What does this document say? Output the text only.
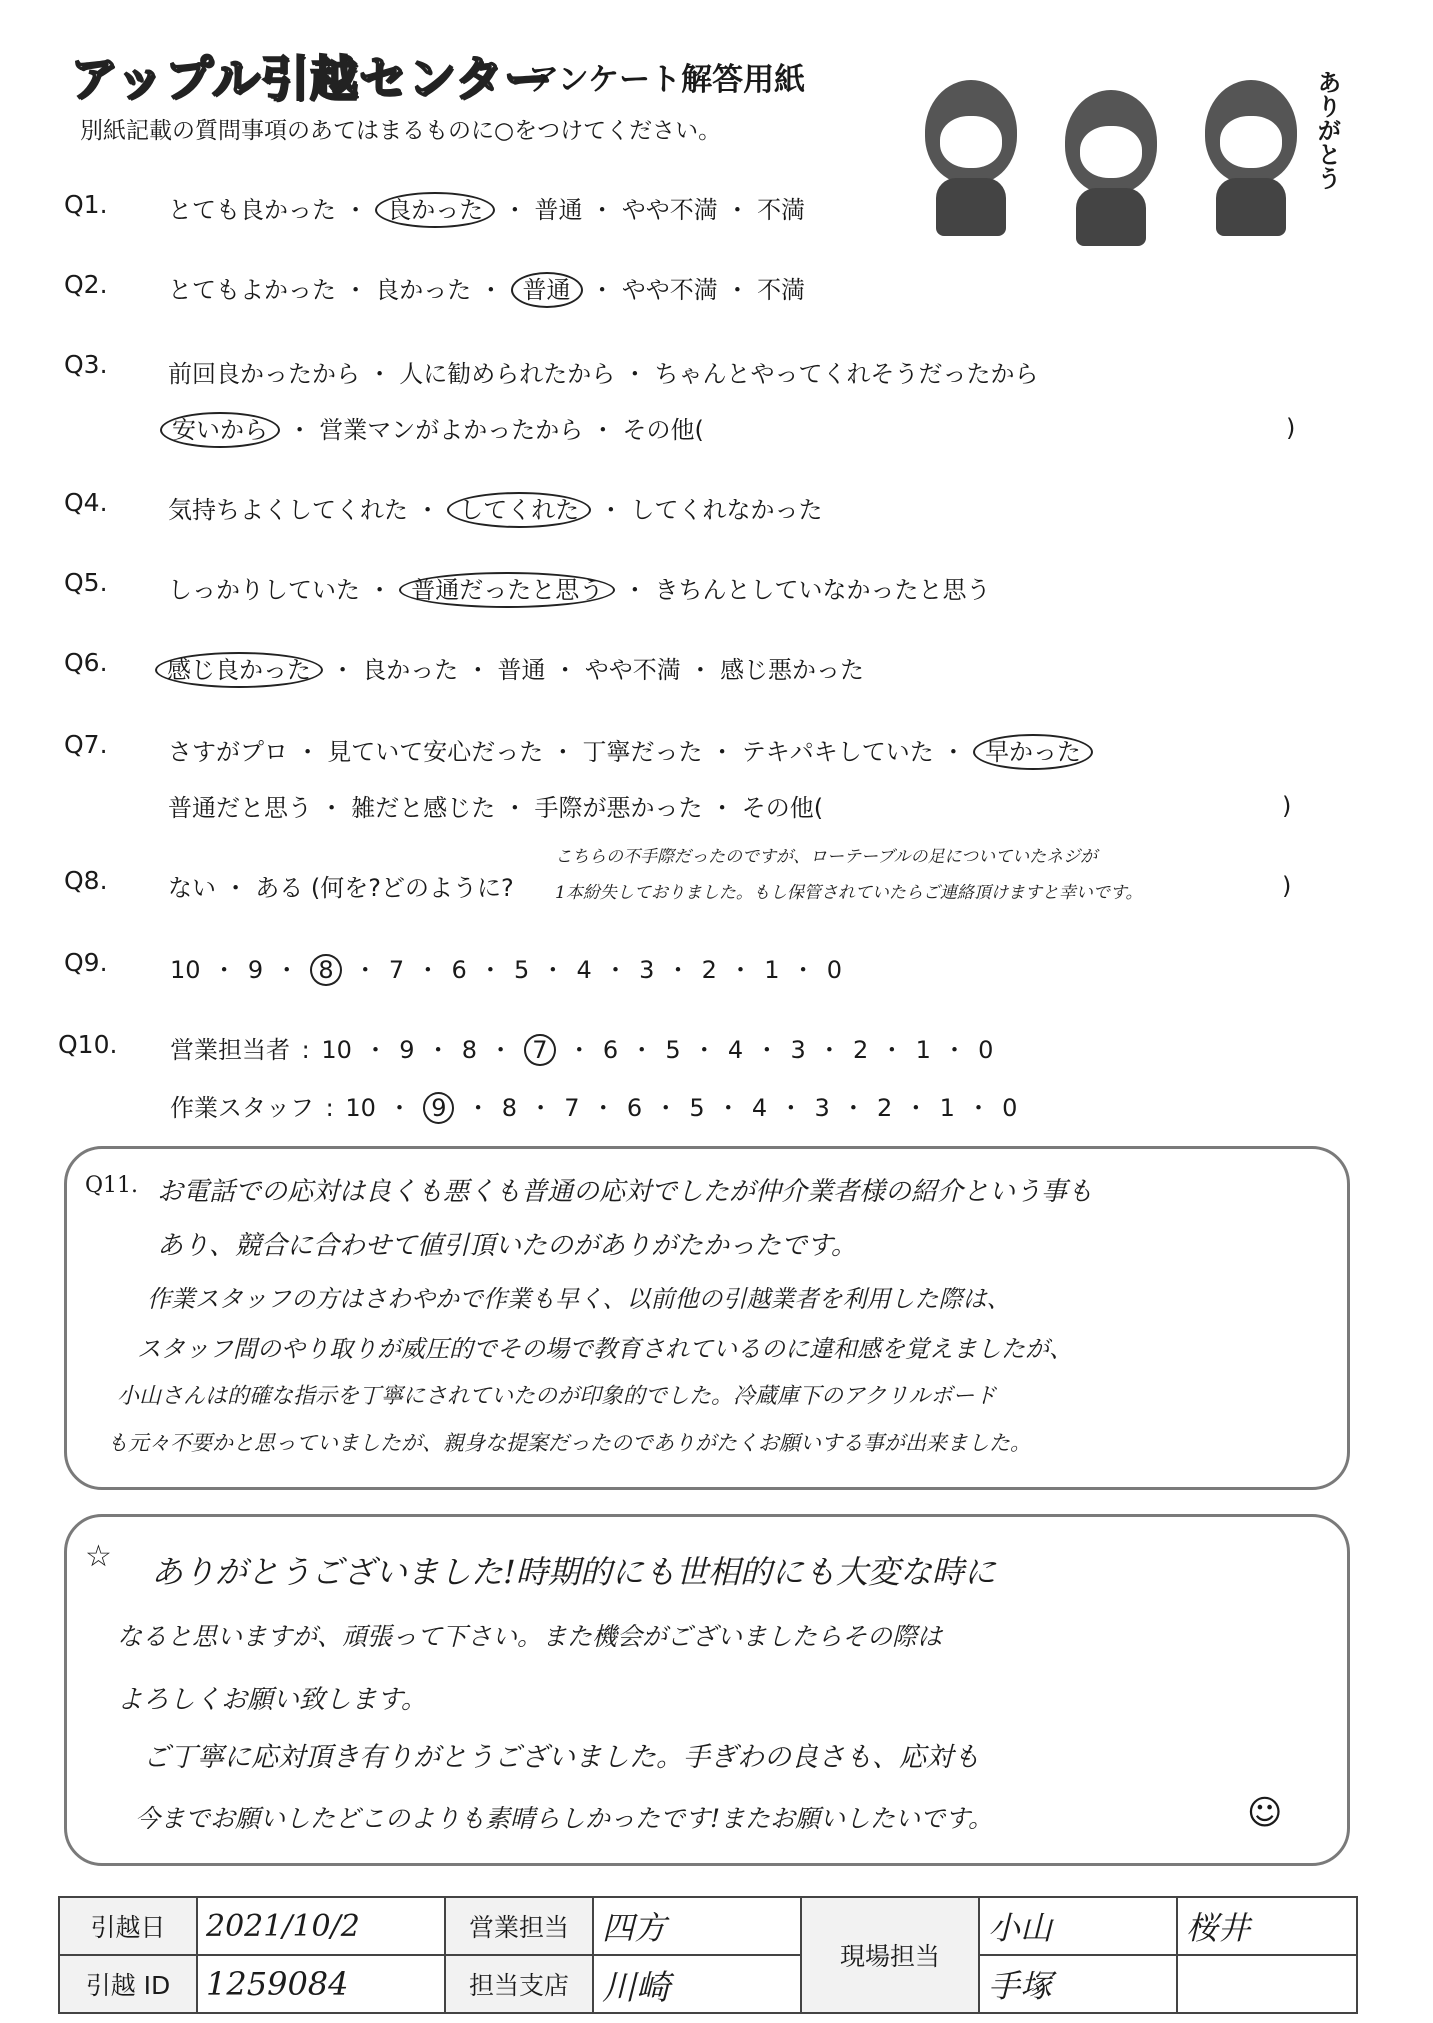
アップル引越センター
アンケート解答用紙
別紙記載の質問事項のあてはまるものに○をつけてください。	ありがとう
Q1.	とても良かった ・ 良かった ・ 普通 ・ やや不満 ・ 不満
Q2.	とてもよかった ・ 良かった ・ 普通 ・ やや不満 ・ 不満
Q3.	前回良かったから ・ 人に勧められたから ・ ちゃんとやってくれそうだったから
安いから ・ 営業マンがよかったから ・ その他(	)
Q4.	気持ちよくしてくれた ・ してくれた ・ してくれなかった
Q5.	しっかりしていた ・ 普通だったと思う ・ きちんとしていなかったと思う
Q6.	感じ良かった ・ 良かった ・ 普通 ・ やや不満 ・ 感じ悪かった
Q7.	さすがプロ ・ 見ていて安心だった ・ 丁寧だった ・ テキパキしていた ・ 早かった
普通だと思う ・ 雑だと感じた ・ 手際が悪かった ・ その他(	)
Q8.	ない ・ ある (何を?どのように?	)
こちらの不手際だったのですが、ローテーブルの足についていたネジが
1本紛失しておりました。もし保管されていたらご連絡頂けますと幸いです。
Q9.	10 ・ 9 ・ 8 ・ 7 ・ 6 ・ 5 ・ 4 ・ 3 ・ 2 ・ 1 ・ 0
Q10. 営業担当者 : 10 ・ 9 ・ 8 ・ 7 ・ 6 ・ 5 ・ 4 ・ 3 ・ 2 ・ 1 ・ 0
作業スタッフ : 10 ・ 9 ・ 8 ・ 7 ・ 6 ・ 5 ・ 4 ・ 3 ・ 2 ・ 1 ・ 0
Q11. お電話での応対は良くも悪くも普通の応対でしたが仲介業者様の紹介という事も
あり、競合に合わせて値引頂いたのがありがたかったです。
作業スタッフの方はさわやかで作業も早く、以前他の引越業者を利用した際は、
スタッフ間のやり取りが威圧的でその場で教育されているのに違和感を覚えましたが、
小山さんは的確な指示を丁寧にされていたのが印象的でした。冷蔵庫下のアクリルボード
も元々不要かと思っていましたが、親身な提案だったのでありがたくお願いする事が出来ました。
☆ ありがとうございました!時期的にも世相的にも大変な時に
なると思いますが、頑張って下さい。また機会がございましたらその際は
よろしくお願い致します。
ご丁寧に応対頂き有りがとうございました。手ぎわの良さも、応対も
今までお願いしたどこのよりも素晴らしかったです!またお願いしたいです。	☺
引越日	2021/10/2	営業担当	四方	現場担当	小山	桜井
引越 ID	1259084	担当支店	川崎		手塚	
